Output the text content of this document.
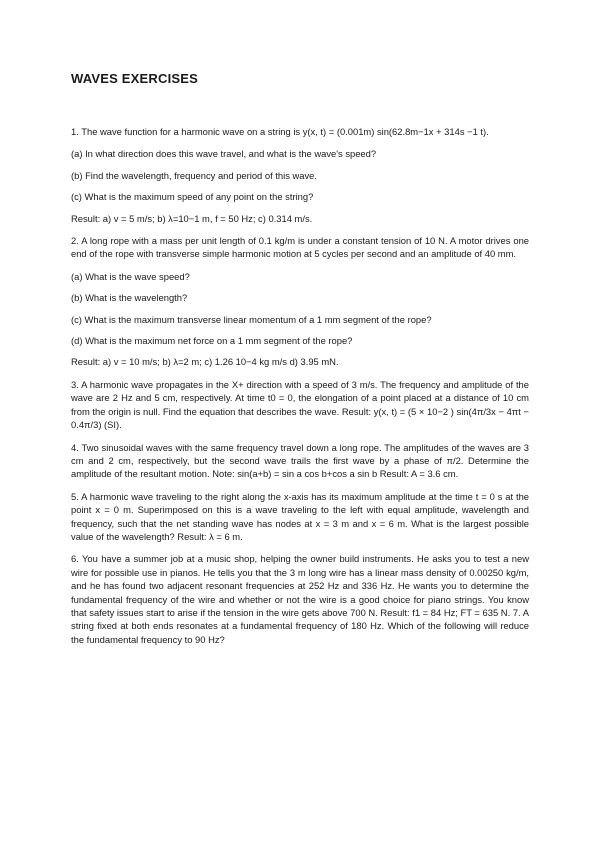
WAVES EXERCISES

1. The wave function for a harmonic wave on a string is y(x, t) = (0.001m) sin(62.8m−1x + 314s −1 t).

(a) In what direction does this wave travel, and what is the wave's speed?

(b) Find the wavelength, frequency and period of this wave.

(c) What is the maximum speed of any point on the string?

Result: a) v = 5 m/s; b) λ=10−1 m, f = 50 Hz; c) 0.314 m/s.

2. A long rope with a mass per unit length of 0.1 kg/m is under a constant tension of 10 N. A motor drives one end of the rope with transverse simple harmonic motion at 5 cycles per second and an amplitude of 40 mm.

(a) What is the wave speed?

(b) What is the wavelength?

(c) What is the maximum transverse linear momentum of a 1 mm segment of the rope?

(d) What is the maximum net force on a 1 mm segment of the rope?

Result: a) v = 10 m/s; b) λ=2 m; c) 1.26 10−4 kg m/s d) 3.95 mN.

3. A harmonic wave propagates in the X+ direction with a speed of 3 m/s. The frequency and amplitude of the wave are 2 Hz and 5 cm, respectively. At time t0 = 0, the elongation of a point placed at a distance of 10 cm from the origin is null. Find the equation that describes the wave. Result: y(x, t) = (5 × 10−2 ) sin(4π/3x − 4πt − 0.4π/3) (SI).

4. Two sinusoidal waves with the same frequency travel down a long rope. The amplitudes of the waves are 3 cm and 2 cm, respectively, but the second wave trails the first wave by a phase of π/2. Determine the amplitude of the resultant motion. Note: sin(a+b) = sin a cos b+cos a sin b Result: A = 3.6 cm.

5. A harmonic wave traveling to the right along the x-axis has its maximum amplitude at the time t = 0 s at the point x = 0 m. Superimposed on this is a wave traveling to the left with equal amplitude, wavelength and frequency, such that the net standing wave has nodes at x = 3 m and x = 6 m. What is the largest possible value of the wavelength? Result: λ = 6 m.

6. You have a summer job at a music shop, helping the owner build instruments. He asks you to test a new wire for possible use in pianos. He tells you that the 3 m long wire has a linear mass density of 0.00250 kg/m, and he has found two adjacent resonant frequencies at 252 Hz and 336 Hz. He wants you to determine the fundamental frequency of the wire and whether or not the wire is a good choice for piano strings. You know that safety issues start to arise if the tension in the wire gets above 700 N. Result: f1 = 84 Hz; FT = 635 N. 7. A string fixed at both ends resonates at a fundamental frequency of 180 Hz. Which of the following will reduce the fundamental frequency to 90 Hz?
